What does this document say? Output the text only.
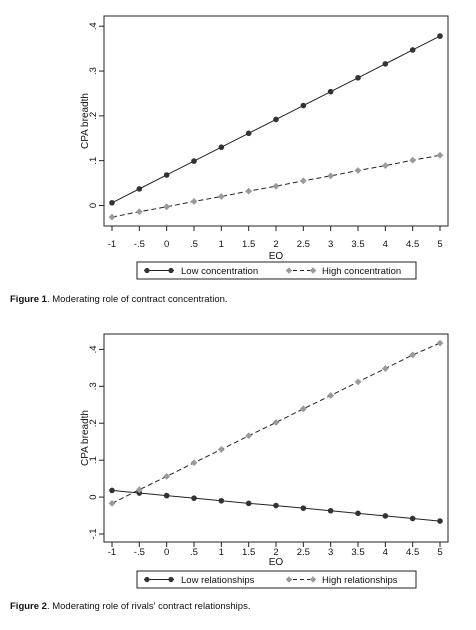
-1 -.5 0 .5 1 1.5 2 2.5 3 3.5 4 4.5 5
0
.1
.2
.3
.4
EO
CPA breadth
Low concentration	High concentration
Figure 1. Moderating role of contract concentration.
-1 -.5 0 .5 1 1.5 2 2.5 3 3.5 4 4.5 5
-.1
0
.1
.2
.3
.4
EO
CPA breadth
Low relationships	High relationships
Figure 2. Moderating role of rivals' contract relationships.
